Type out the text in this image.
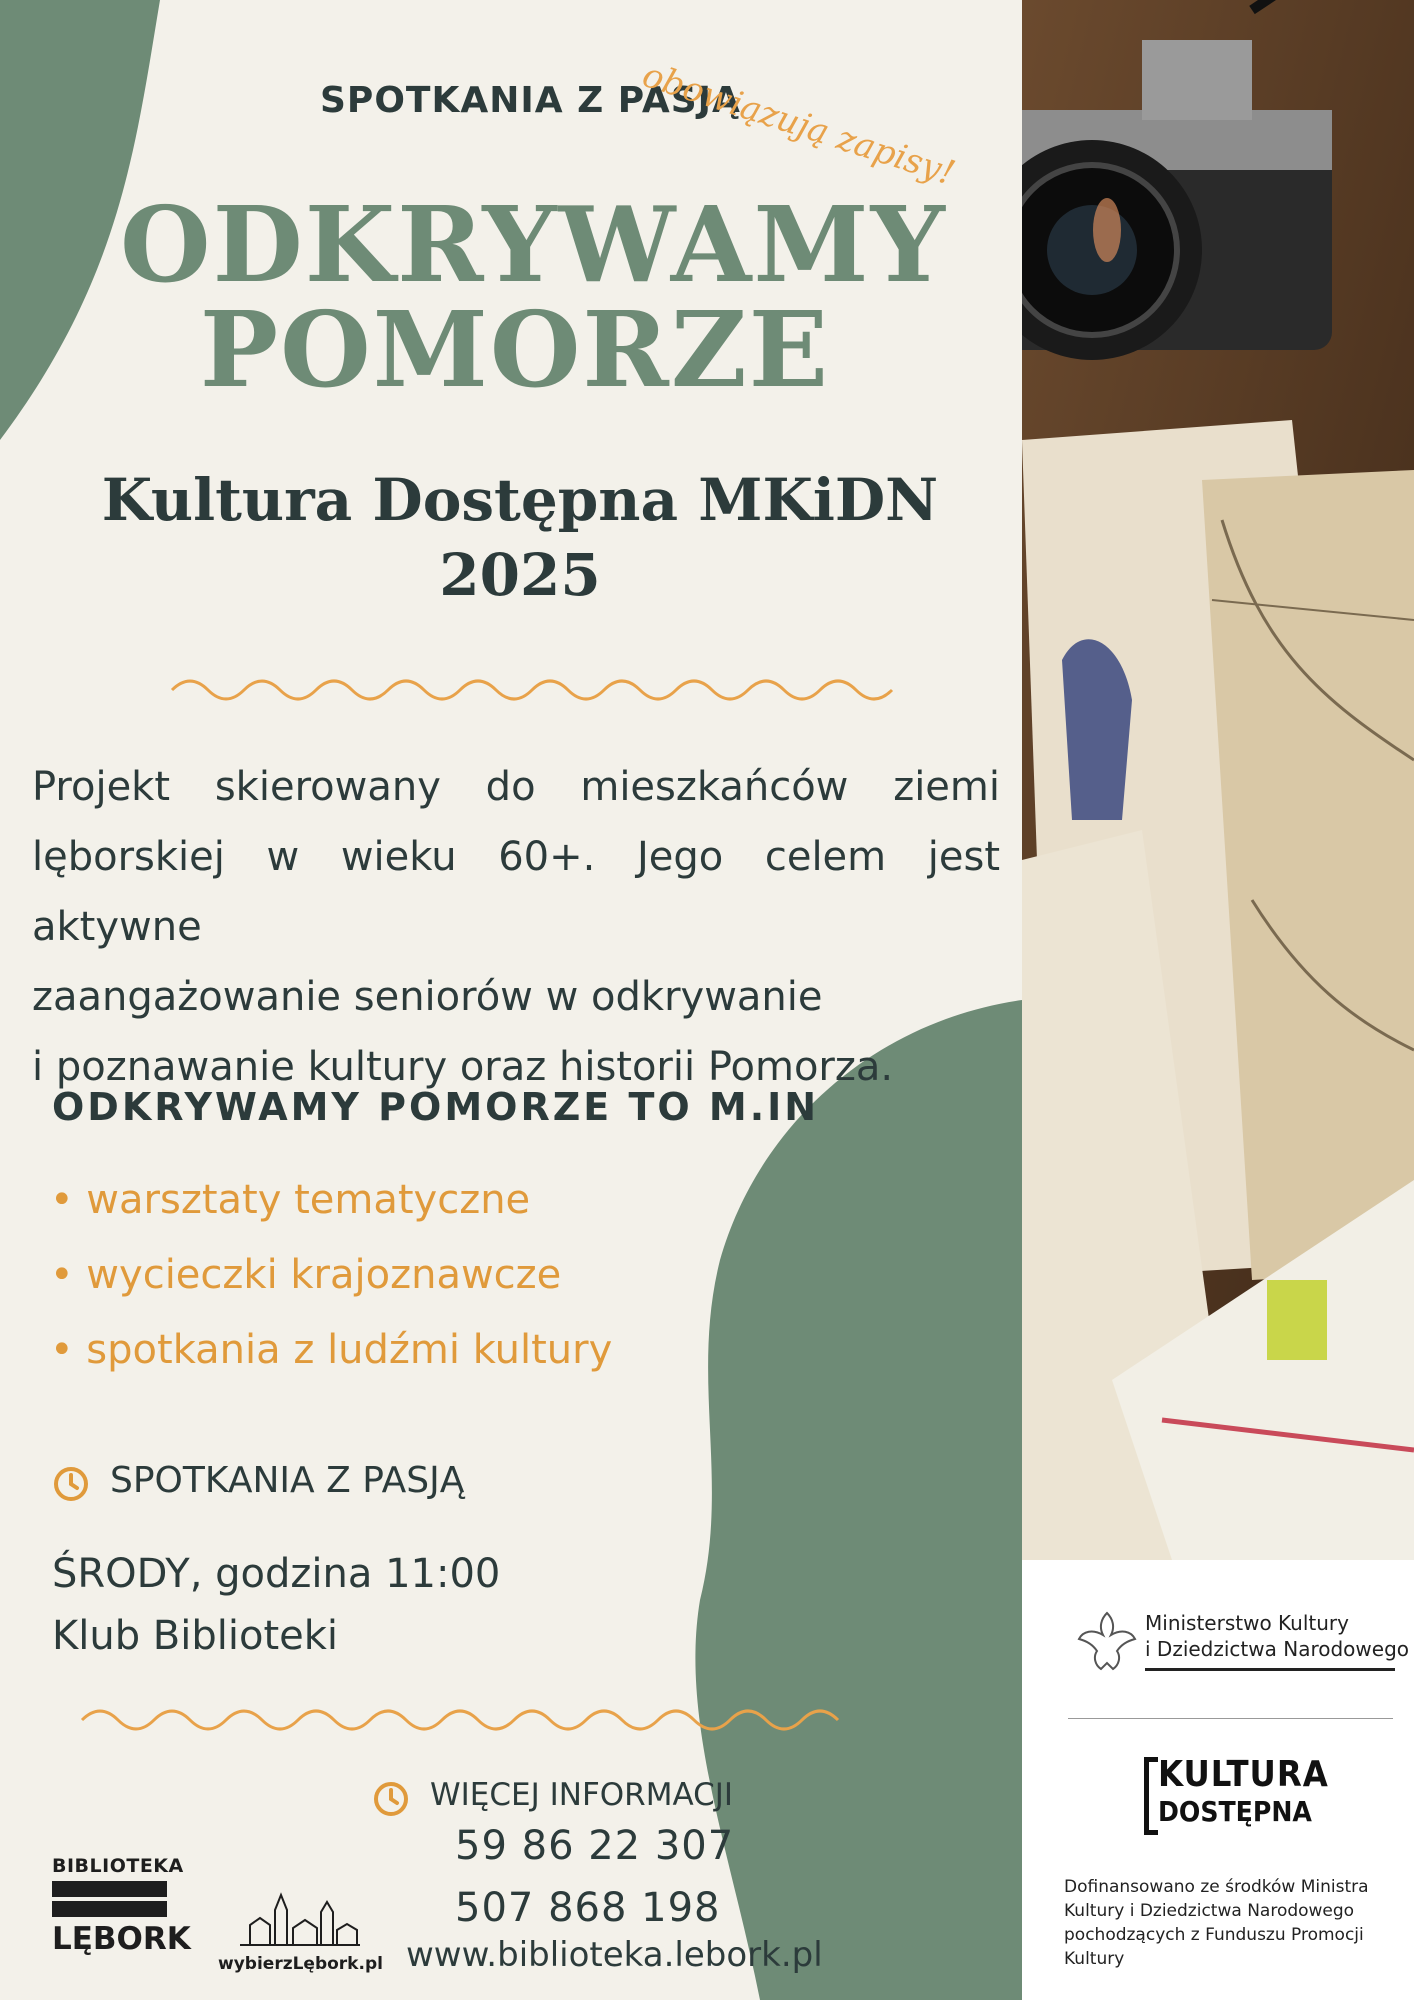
SPOTKANIA Z PASJĄ
obowiązują zapisy!
ODKRYWAMY
POMORZE
Kultura Dostępna MKiDN
2025
Projekt skierowany do mieszkańców ziemi
lęborskiej w wieku 60+. Jego celem jest aktywne
zaangażowanie seniorów w odkrywanie
i poznawanie kultury oraz historii Pomorza.
ODKRYWAMY POMORZE TO M.IN
• warsztaty tematyczne
• wycieczki krajoznawcze
• spotkania z ludźmi kultury
SPOTKANIA Z PASJĄ
ŚRODY, godzina 11:00
Klub Biblioteki
WIĘCEJ INFORMACJI
59 86 22 307
507 868 198
www.biblioteka.lebork.pl
BIBLIOTEKA
LĘBORK
wybierzLębork.pl
Ministerstwo Kultury
i Dziedzictwa Narodowego
KULTURA
DOSTĘPNA
Dofinansowano ze środków Ministra Kultury i Dziedzictwa Narodowego pochodzących z Funduszu Promocji Kultury
